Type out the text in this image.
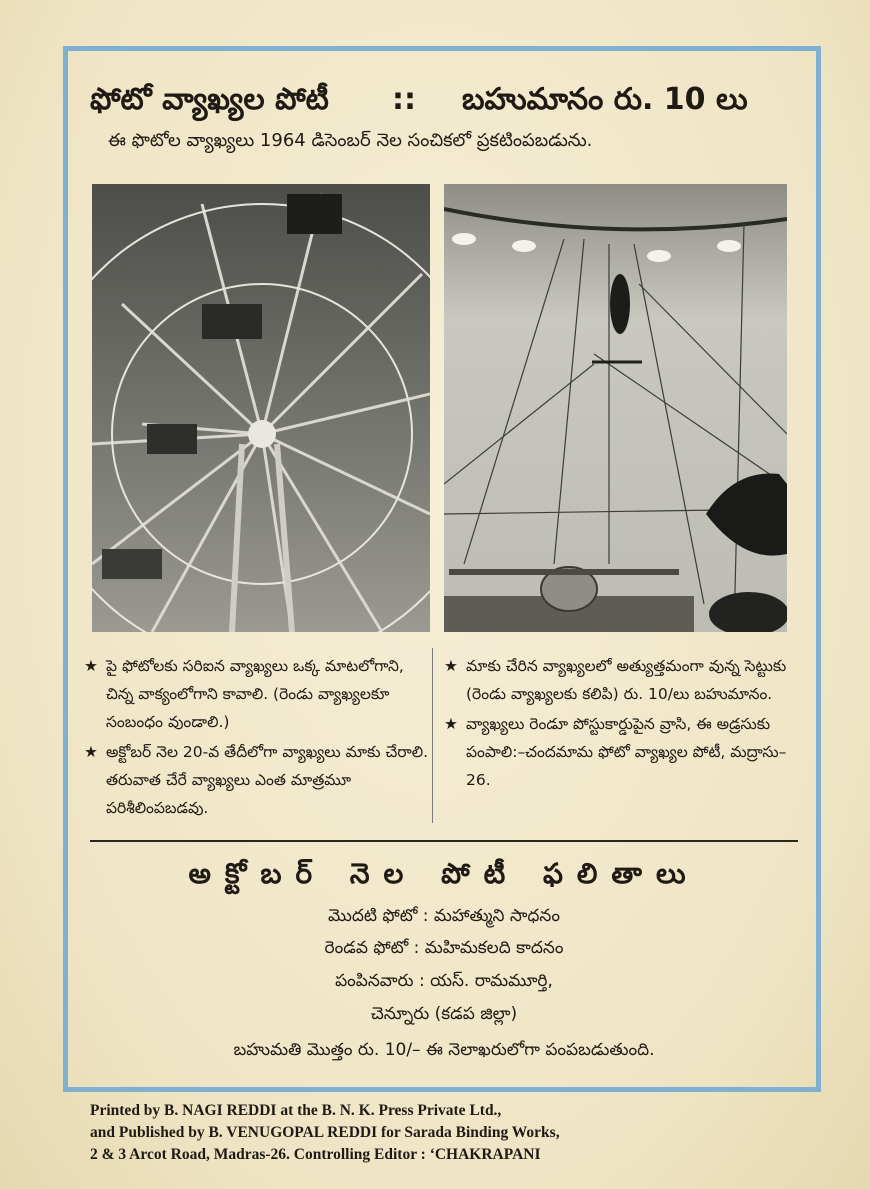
ఫోటో వ్యాఖ్యల పోటీ :: బహుమానం రు. 10 లు
ఈ ఫొటోల వ్యాఖ్యలు 1964 డిసెంబర్ నెల సంచికలో ప్రకటింపబడును.
★ పై ఫోటోలకు సరిఐన వ్యాఖ్యలు ఒక్క మాటలోగాని, చిన్న వాక్యంలోగాని కావాలి. (రెండు వ్యాఖ్యలకూ సంబంధం వుండాలి.)
★ అక్టోబర్ నెల 20-వ తేదీలోగా వ్యాఖ్యలు మాకు చేరాలి. తరువాత చేరే వ్యాఖ్యలు ఎంత మాత్రమూ పరిశీలింపబడవు.
★ మాకు చేరిన వ్యాఖ్యలలో అత్యుత్తమంగా వున్న సెట్టుకు (రెండు వ్యాఖ్యలకు కలిపి) రు. 10/లు బహుమానం.
★ వ్యాఖ్యలు రెండూ పోస్టుకార్డుపైన వ్రాసి, ఈ అడ్రసుకు పంపాలి:–చందమామ ఫోటో వ్యాఖ్యల పోటీ, మద్రాసు–26.
అక్టోబర్ నెల పోటీ ఫలితాలు
మొదటి ఫోటో : మహాత్ముని సాధనం
రెండవ ఫోటో : మహిమకలది కాదనం
పంపినవారు : యస్. రామమూర్తి,
చెన్నూరు (కడప జిల్లా)
బహుమతి మొత్తం రు. 10/– ఈ నెలాఖరులోగా పంపబడుతుంది.
Printed by B. NAGI REDDI at the B. N. K. Press Private Ltd.,
and Published by B. VENUGOPAL REDDI for Sarada Binding Works,
2 & 3 Arcot Road, Madras-26. Controlling Editor : ‘CHAKRAPANI
